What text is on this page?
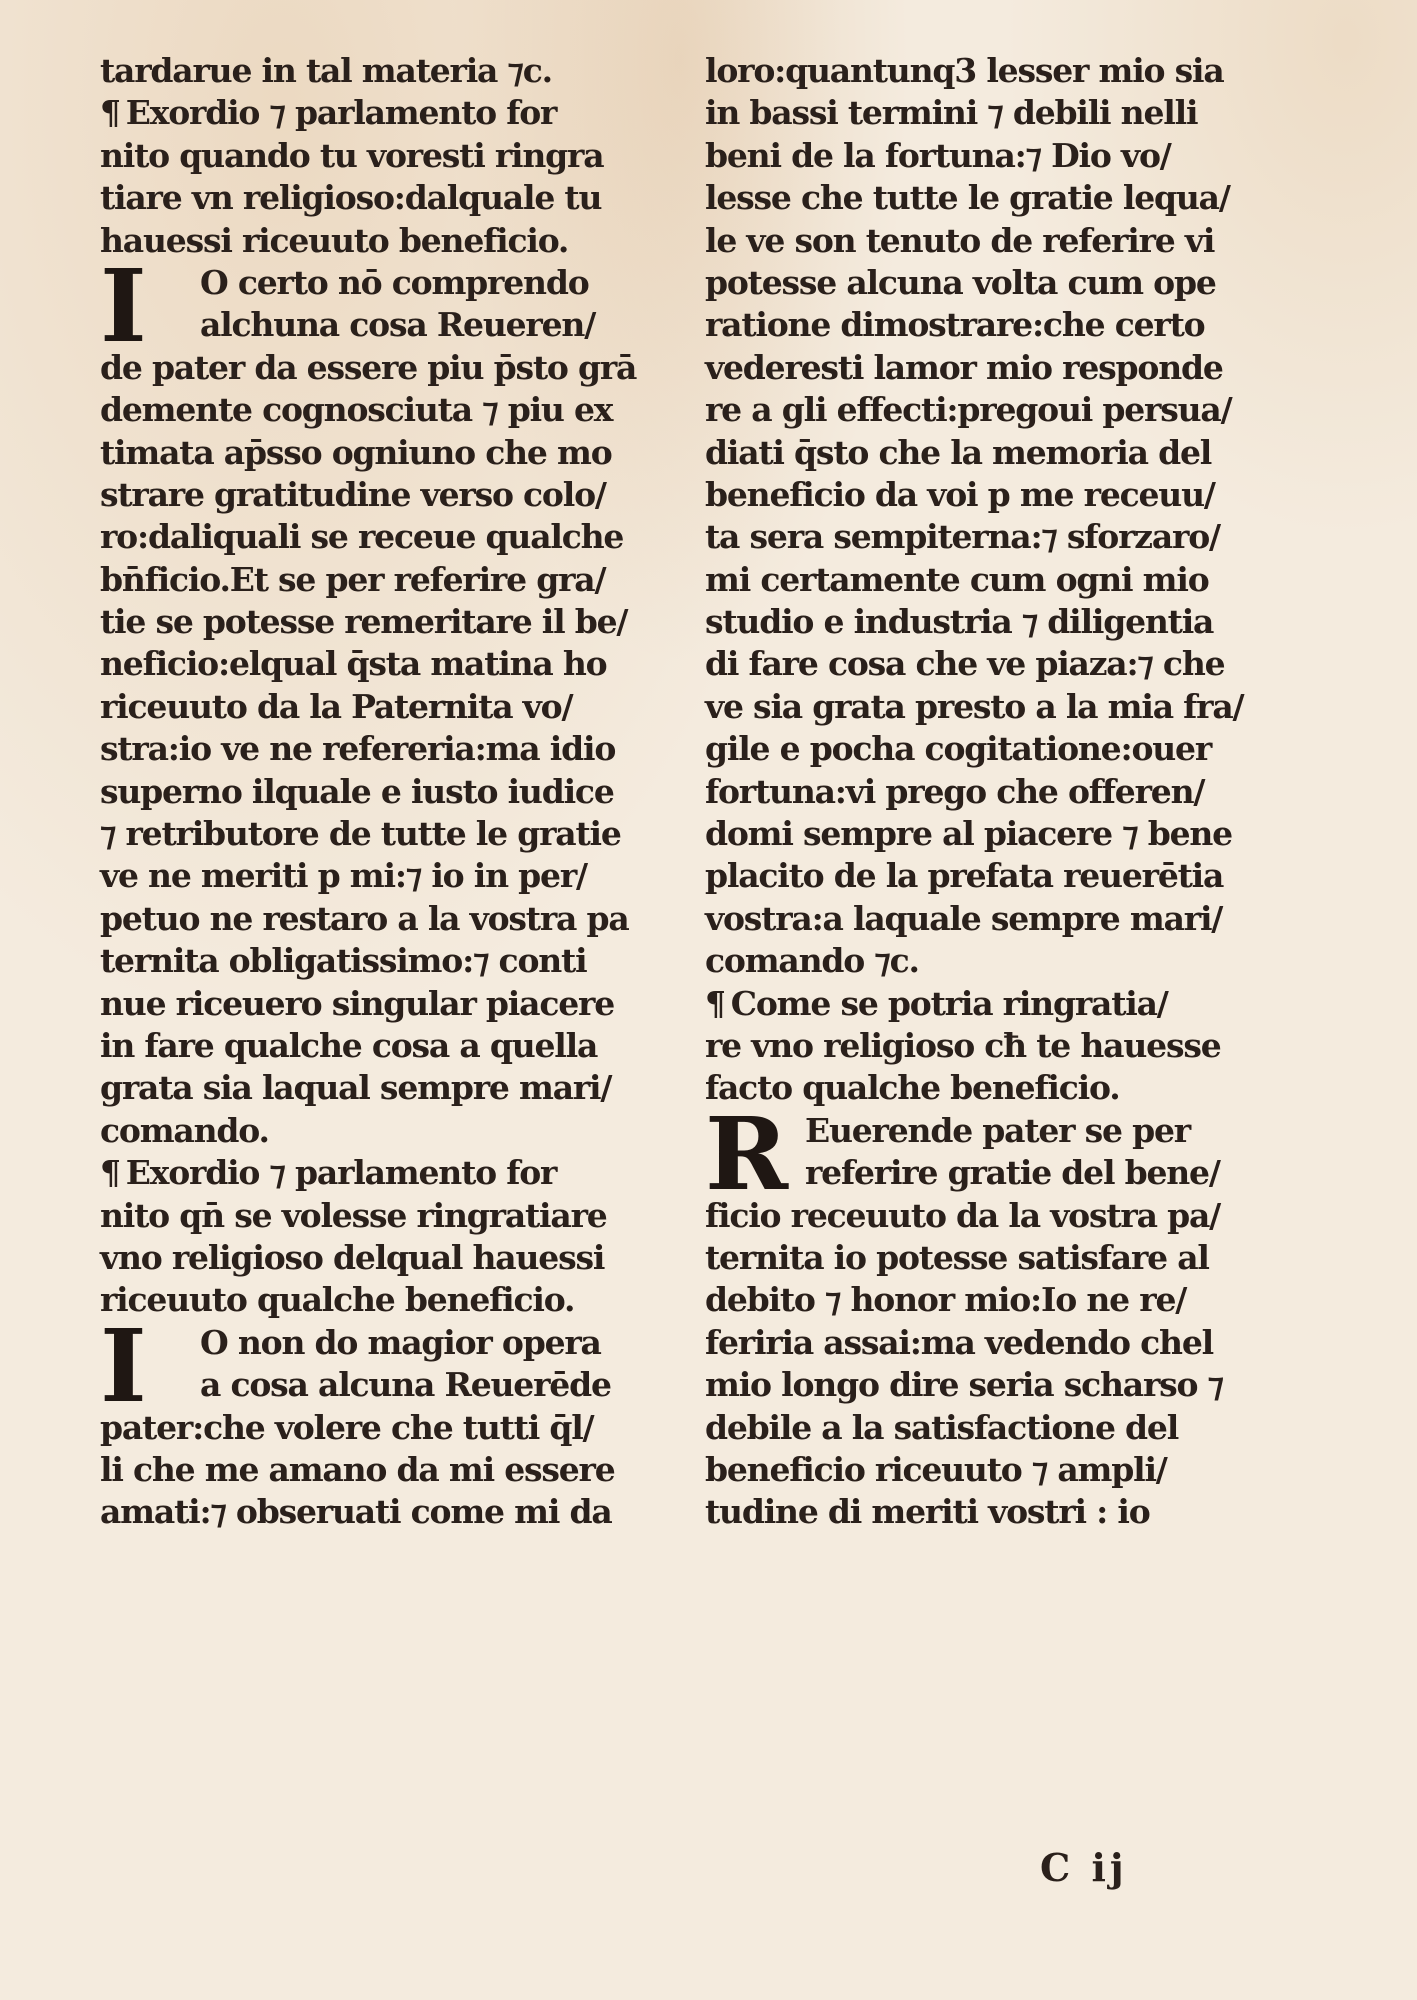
tardarue in tal materia ⁊c.
¶ Exordio ⁊ parlamento for
nito quando tu voresti ringra
tiare vn religioso:dalquale tu
hauessi riceuuto beneficio.
I	O certo nō comprendo
alchuna cosa Reueren/
de pater da essere piu p̄sto grā
demente cognosciuta ⁊ piu ex
timata ap̄sso ogniuno che mo
strare gratitudine verso colo/
ro:daliquali se receue qualche
bn̄ficio.Et se per referire gra/
tie se potesse remeritare il be/
neficio:elqual q̄sta matina ho
riceuuto da la Paternita vo/
stra:io ve ne refereria:ma idio
superno ilquale e iusto iudice
⁊ retributore de tutte le gratie
ve ne meriti p mi:⁊ io in per/
petuo ne restaro a la vostra pa
ternita obligatissimo:⁊ conti
nue riceuero singular piacere
in fare qualche cosa a quella
grata sia laqual sempre mari/
comando.
¶ Exordio ⁊ parlamento for
nito qn̄ se volesse ringratiare
vno religioso delqual hauessi
riceuuto qualche beneficio.
I	O non do magior opera
a cosa alcuna Reuerēde
pater:che volere che tutti q̄l/
li che me amano da mi essere
amati:⁊ obseruati come mi da
loro:quantunq3 lesser mio sia
in bassi termini ⁊ debili nelli
beni de la fortuna:⁊ Dio vo/
lesse che tutte le gratie lequa/
le ve son tenuto de referire vi
potesse alcuna volta cum ope
ratione dimostrare:che certo
vederesti lamor mio responde
re a gli effecti:pregoui persua/
diati q̄sto che la memoria del
beneficio da voi p me receuu/
ta sera sempiterna:⁊ sforzaro/
mi certamente cum ogni mio
studio e industria ⁊ diligentia
di fare cosa che ve piaza:⁊ che
ve sia grata presto a la mia fra/
gile e pocha cogitatione:ouer
fortuna:vi prego che offeren/
domi sempre al piacere ⁊ bene
placito de la prefata reuerētia
vostra:a laquale sempre mari/
comando ⁊c.
¶ Come se potria ringratia/
re vno religioso cħ te hauesse
facto qualche beneficio.
R Euerende pater se per
referire gratie del bene/
ficio receuuto da la vostra pa/
ternita io potesse satisfare al
debito ⁊ honor mio:Io ne re/
feriria assai:ma vedendo chel
mio longo dire seria scharso ⁊
debile a la satisfactione del
beneficio riceuuto ⁊ ampli/
tudine di meriti vostri : io
C ij
